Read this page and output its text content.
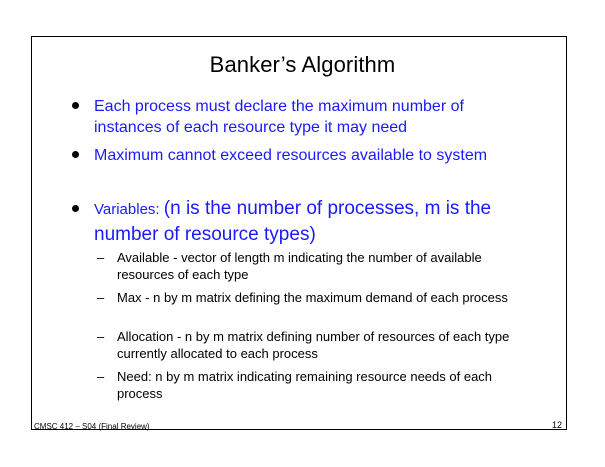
Banker’s Algorithm
Each process must declare the maximum number of instances of each resource type it may need
Maximum cannot exceed resources available to system
Variables: (n is the number of processes, m is the number of resource types)
– Available - vector of length m indicating the number of available resources of each type
– Max - n by m matrix defining the maximum demand of each process
– Allocation - n by m matrix defining number of resources of each type currently allocated to each process
– Need: n by m matrix indicating remaining resource needs of each process
CMSC 412 – S04 (Final Review)	12
